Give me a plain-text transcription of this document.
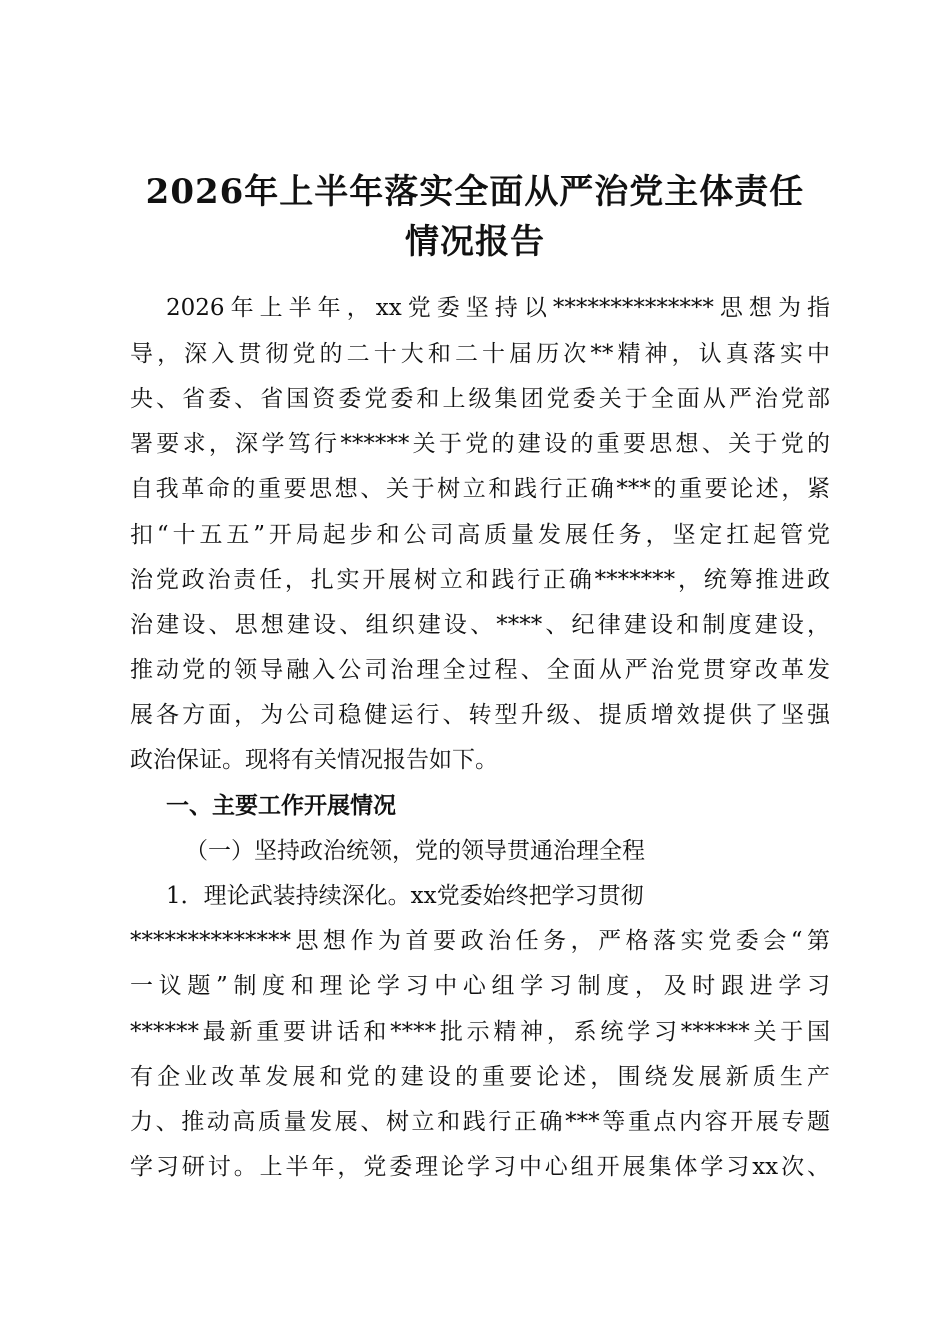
2026年上半年落实全面从严治党主体责任
情况报告
2026年上半年，xx党委坚持以**************思想为指
导，深入贯彻党的二十大和二十届历次**精神，认真落实中
央、省委、省国资委党委和上级集团党委关于全面从严治党部
署要求，深学笃行******关于党的建设的重要思想、关于党的
自我革命的重要思想、关于树立和践行正确***的重要论述，紧
扣“十五五”开局起步和公司高质量发展任务，坚定扛起管党
治党政治责任，扎实开展树立和践行正确*******，统筹推进政
治建设、思想建设、组织建设、****、纪律建设和制度建设，
推动党的领导融入公司治理全过程、全面从严治党贯穿改革发
展各方面，为公司稳健运行、转型升级、提质增效提供了坚强
政治保证。现将有关情况报告如下。
一、主要工作开展情况
（一）坚持政治统领，党的领导贯通治理全程
1．理论武装持续深化。xx党委始终把学习贯彻
**************思想作为首要政治任务，严格落实党委会“第
一议题”制度和理论学习中心组学习制度，及时跟进学习
******最新重要讲话和****批示精神，系统学习******关于国
有企业改革发展和党的建设的重要论述，围绕发展新质生产
力、推动高质量发展、树立和践行正确***等重点内容开展专题
学习研讨。上半年，党委理论学习中心组开展集体学习xx次、
